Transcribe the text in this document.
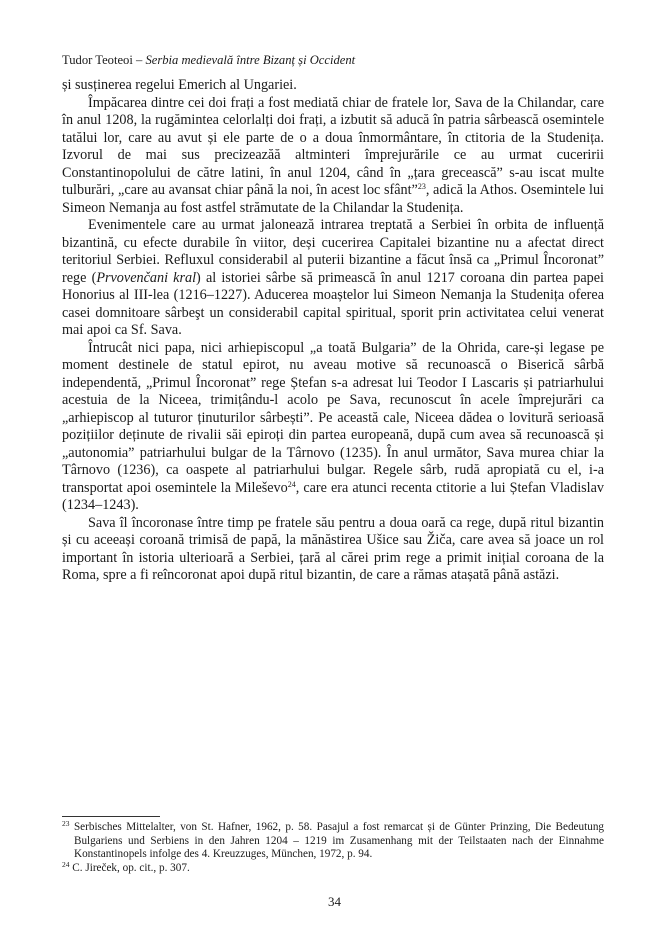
Tudor Teoteoi – Serbia medievală între Bizanț și Occident

și susținerea regelui Emerich al Ungariei.

Împăcarea dintre cei doi frați a fost mediată chiar de fratele lor, Sava de la Chilandar, care în anul 1208, la rugămintea celorlalți doi frați, a izbutit să aducă în patria sârbească osemintele tatălui lor, care au avut și ele parte de o a doua înmormântare, în ctitoria de la Studenița. Izvorul de mai sus precizeazăă altminteri împrejurările ce au urmat cuceririi Constantinopolului de către latini, în anul 1204, când în „țara grecească” s-au iscat multe tulburări, „care au avansat chiar până la noi, în acest loc sfânt”$^{23}$, adică la Athos. Osemintele lui Simeon Nemanja au fost astfel strămutate de la Chilandar la Studenița.

Evenimentele care au urmat jalonează intrarea treptată a Serbiei în orbita de influență bizantină, cu efecte durabile în viitor, deși cucerirea Capitalei bizantine nu a afectat direct teritoriul Serbiei. Refluxul considerabil al puterii bizantine a făcut însă ca „Primul Încoronat” rege (Prvovenčani kral) al istoriei sârbe să primească în anul 1217 coroana din partea papei Honorius al III-lea (1216–1227). Aducerea moaștelor lui Simeon Nemanja la Studenița oferea casei domnitoare sârbeşt un considerabil capital spiritual, sporit prin activitatea celui venerat mai apoi ca Sf. Sava.

Întrucât nici papa, nici arhiepiscopul „a toată Bulgaria” de la Ohrida, care-și legase pe moment destinele de statul epirot, nu aveau motive să recunoască o Biserică sârbă independentă, „Primul Încoronat” rege Ștefan s-a adresat lui Teodor I Lascaris și patriarhului acestuia de la Niceea, trimițându-l acolo pe Sava, recunoscut în acele împrejurări ca „arhiepiscop al tuturor ținuturilor sârbești”. Pe această cale, Niceea dădea o lovitură serioasă pozițiilor deținute de rivalii săi epiroți din partea europeană, după cum avea să recunoască și „autonomia” patriarhului bulgar de la Târnovo (1235). În anul următor, Sava murea chiar la Târnovo (1236), ca oaspete al patriarhului bulgar. Regele sârb, rudă apropiată cu el, i-a transportat apoi osemintele la Mileševo$^{24}$, care era atunci recenta ctitorie a lui Ștefan Vladislav (1234–1243).

Sava îl încoronase între timp pe fratele său pentru a doua oară ca rege, după ritul bizantin și cu aceeași coroană trimisă de papă, la mănăstirea Ušice sau Žiča, care avea să joace un rol important în istoria ulterioară a Serbiei, țară al cărei prim rege a primit inițial coroana de la Roma, spre a fi reîncoronat apoi după ritul bizantin, de care a rămas atașată până astăzi.

$^{23}$ Serbisches Mittelalter, von St. Hafner, 1962, p. 58. Pasajul a fost remarcat și de Günter Prinzing, Die Bedeutung Bulgariens und Serbiens in den Jahren 1204 – 1219 im Zusamenhang mit der Teilstaaten nach der Einnahme Konstantinopels infolge des 4. Kreuzzuges, München, 1972, p. 94.

$^{24}$ C. Jireček, op. cit., p. 307.

34
